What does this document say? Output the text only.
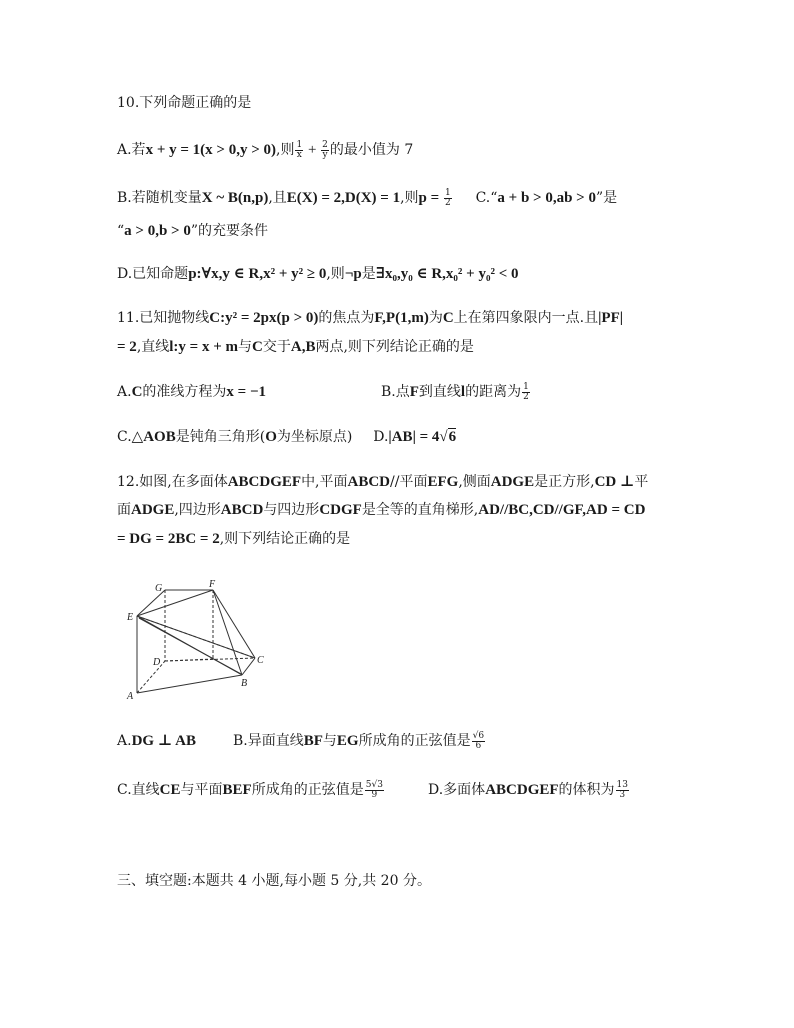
10.下列命题正确的是
A.若x + y = 1(x > 0,y > 0),则 $\frac{1}{x} + \frac{2}{y}$ 的最小值为 7
B.若随机变量X ~ B(n,p),且E(X) = 2,D(X) = 1,则$p = \frac{1}{2}$ C.“a + b > 0,ab > 0”是
“a > 0,b > 0”的充要条件
D.已知命题p:∀x,y ∈ R,x² + y² ≥ 0,则¬p是∃x₀,y₀ ∈ R,x₀² + y₀² < 0
11.已知抛物线C:y² = 2px(p > 0)的焦点为F,P(1,m)为C上在第四象限内一点.且|PF|
= 2,直线l:y = x + m与C交于A,B两点,则下列结论正确的是
A.C的准线方程为x = −1	B.点F到直线l的距离为 $\frac{1}{2}$
C.△AOB是钝角三角形(O为坐标原点) D.|AB| = 4√6
12.如图,在多面体ABCDGEF中,平面ABCD//平面EFG,侧面ADGE是正方形,CD ⊥平
面ADGE,四边形ABCD与四边形CDGF是全等的直角梯形,AD//BC,CD//GF,AD = CD
= DG = 2BC = 2,则下列结论正确的是
G	F
E
D	C
B
A
A.DG ⊥ AB	B.异面直线BF与EG所成角的正弦值是 $\frac{√6}{6}$
C.直线CE与平面BEF所成角的正弦值是 $\frac{5√3}{9}$	D.多面体ABCDGEF的体积为 $\frac{13}{3}$
三、填空题:本题共 4 小题,每小题 5 分,共 20 分。
